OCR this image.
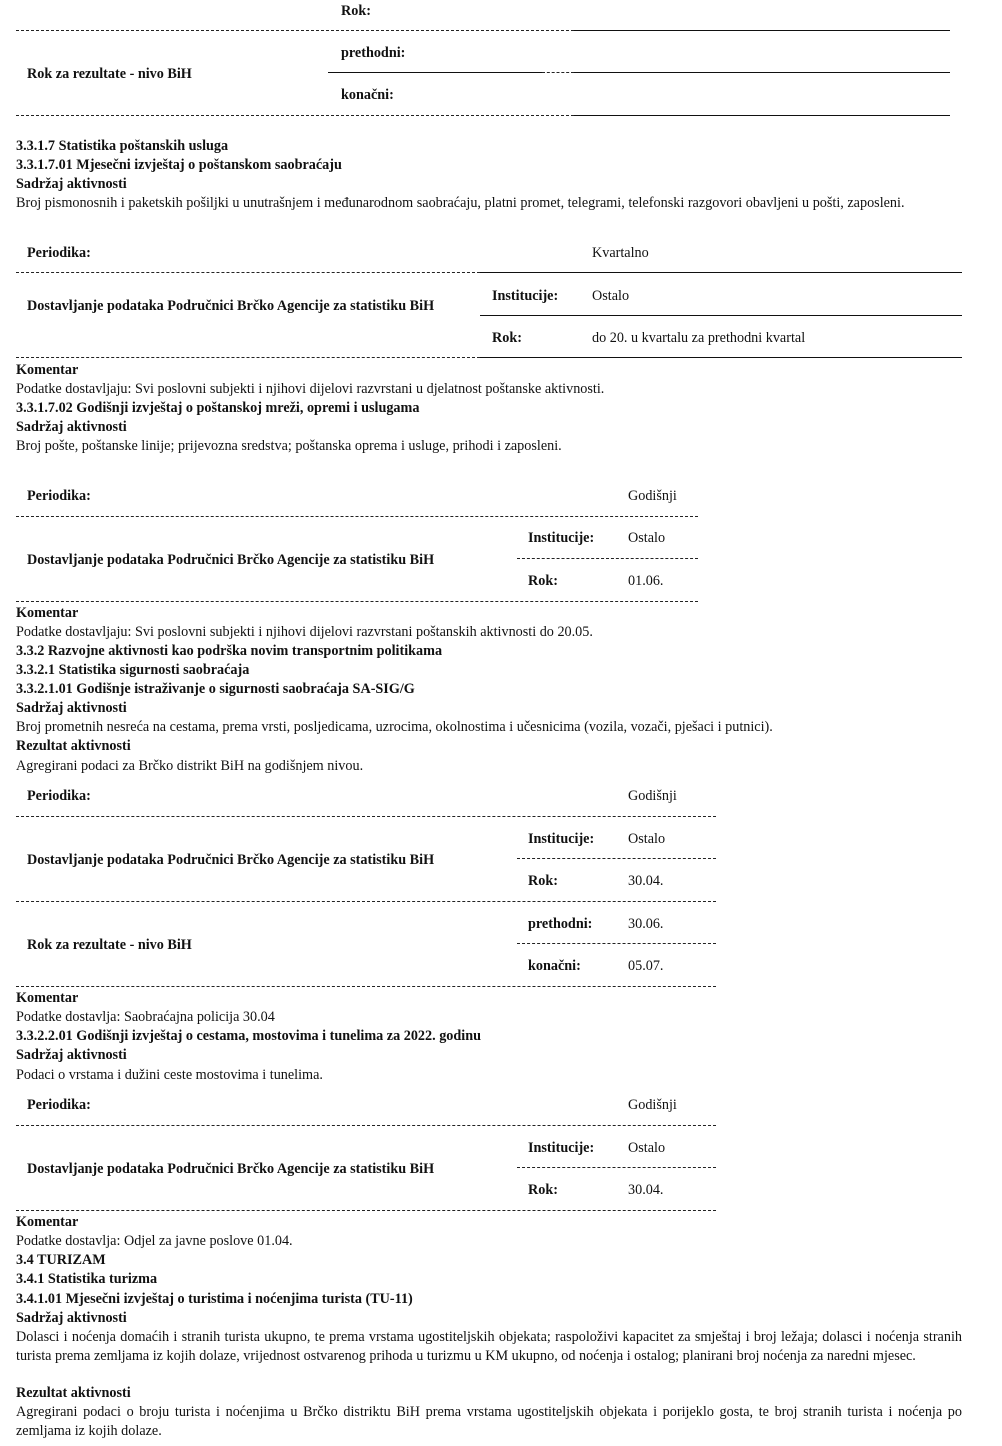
Rok:
prethodni:
Rok za rezultate - nivo BiH
konačni:
3.3.1.7 Statistika poštanskih usluga
3.3.1.7.01 Mjesečni izvještaj o poštanskom saobraćaju
Sadržaj aktivnosti
Broj pismonosnih i paketskih pošiljki u unutrašnjem i međunarodnom saobraćaju, platni promet, telegrami, telefonski razgovori obavljeni u pošti, zaposleni.
Periodika:	Kvartalno
Institucije: Ostalo
Dostavljanje podataka Područnici Brčko Agencije za statistiku BiH
Rok:	do 20. u kvartalu za prethodni kvartal
Komentar
Podatke dostavljaju: Svi poslovni subjekti i njihovi dijelovi razvrstani u djelatnost poštanske aktivnosti.
3.3.1.7.02 Godišnji izvještaj o poštanskoj mreži, opremi i uslugama
Sadržaj aktivnosti
Broj pošte, poštanske linije; prijevozna sredstva; poštanska oprema i usluge, prihodi i zaposleni.
Periodika:	Godišnji
Institucije: Ostalo
Dostavljanje podataka Područnici Brčko Agencije za statistiku BiH
Rok:	01.06.
Komentar
Podatke dostavljaju: Svi poslovni subjekti i njihovi dijelovi razvrstani poštanskih aktivnosti do 20.05.
3.3.2 Razvojne aktivnosti kao podrška novim transportnim politikama
3.3.2.1 Statistika sigurnosti saobraćaja
3.3.2.1.01 Godišnje istraživanje o sigurnosti saobraćaja SA-SIG/G
Sadržaj aktivnosti
Broj prometnih nesreća na cestama, prema vrsti, posljedicama, uzrocima, okolnostima i učesnicima (vozila, vozači, pješaci i putnici).
Rezultat aktivnosti
Agregirani podaci za Brčko distrikt BiH na godišnjem nivou.
Periodika:	Godišnji
Institucije: Ostalo
Dostavljanje podataka Područnici Brčko Agencije za statistiku BiH
Rok:	30.04.
prethodni:	30.06.
Rok za rezultate - nivo BiH
konačni:	05.07.
Komentar
Podatke dostavlja: Saobraćajna policija 30.04
3.3.2.2.01 Godišnji izvještaj o cestama, mostovima i tunelima za 2022. godinu
Sadržaj aktivnosti
Podaci o vrstama i dužini ceste mostovima i tunelima.
Periodika:	Godišnji
Institucije: Ostalo
Dostavljanje podataka Područnici Brčko Agencije za statistiku BiH
Rok:	30.04.
Komentar
Podatke dostavlja: Odjel za javne poslove 01.04.
3.4 TURIZAM
3.4.1 Statistika turizma
3.4.1.01 Mjesečni izvještaj o turistima i noćenjima turista (TU-11)
Sadržaj aktivnosti
Dolasci i noćenja domaćih i stranih turista ukupno, te prema vrstama ugostiteljskih objekata; raspoloživi kapacitet za smještaj i broj ležaja; dolasci i noćenja stranih turista prema zemljama iz kojih dolaze, vrijednost ostvarenog prihoda u turizmu u KM ukupno, od noćenja i ostalog; planirani broj noćenja za naredni mjesec.
Rezultat aktivnosti
Agregirani podaci o broju turista i noćenjima u Brčko distriktu BiH prema vrstama ugostiteljskih objekata i porijeklo gosta, te broj stranih turista i noćenja po zemljama iz kojih dolaze.
